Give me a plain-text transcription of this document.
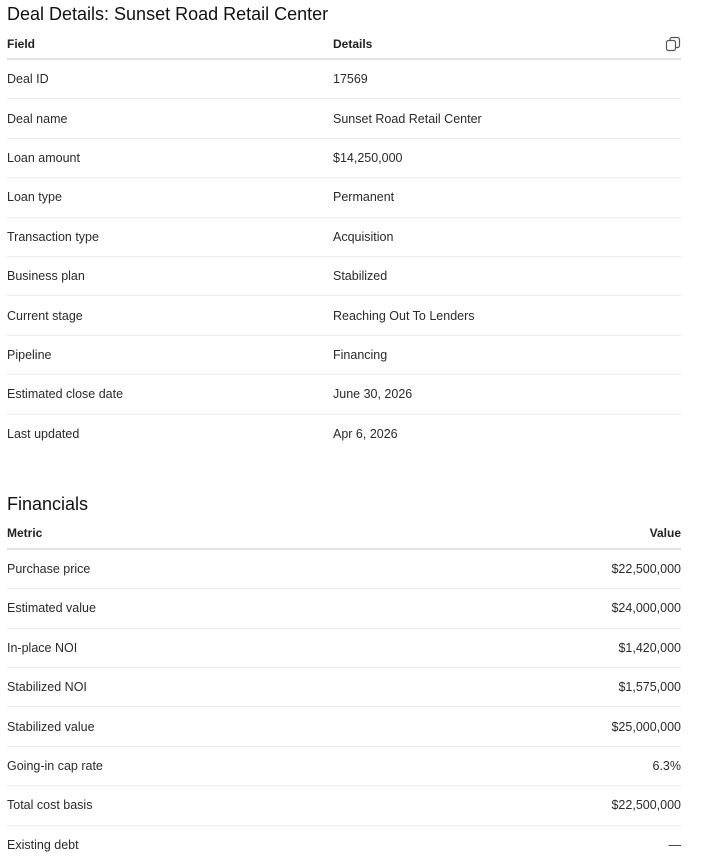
Deal Details: Sunset Road Retail Center
Field	Details
Deal ID	17569
Deal name	Sunset Road Retail Center
Loan amount	$14,250,000
Loan type	Permanent
Transaction type	Acquisition
Business plan	Stabilized
Current stage	Reaching Out To Lenders
Pipeline	Financing
Estimated close date	June 30, 2026
Last updated	Apr 6, 2026
Financials
Metric	Value
Purchase price	$22,500,000
Estimated value	$24,000,000
In-place NOI	$1,420,000
Stabilized NOI	$1,575,000
Stabilized value	$25,000,000
Going-in cap rate	6.3%
Total cost basis	$22,500,000
Existing debt	—
